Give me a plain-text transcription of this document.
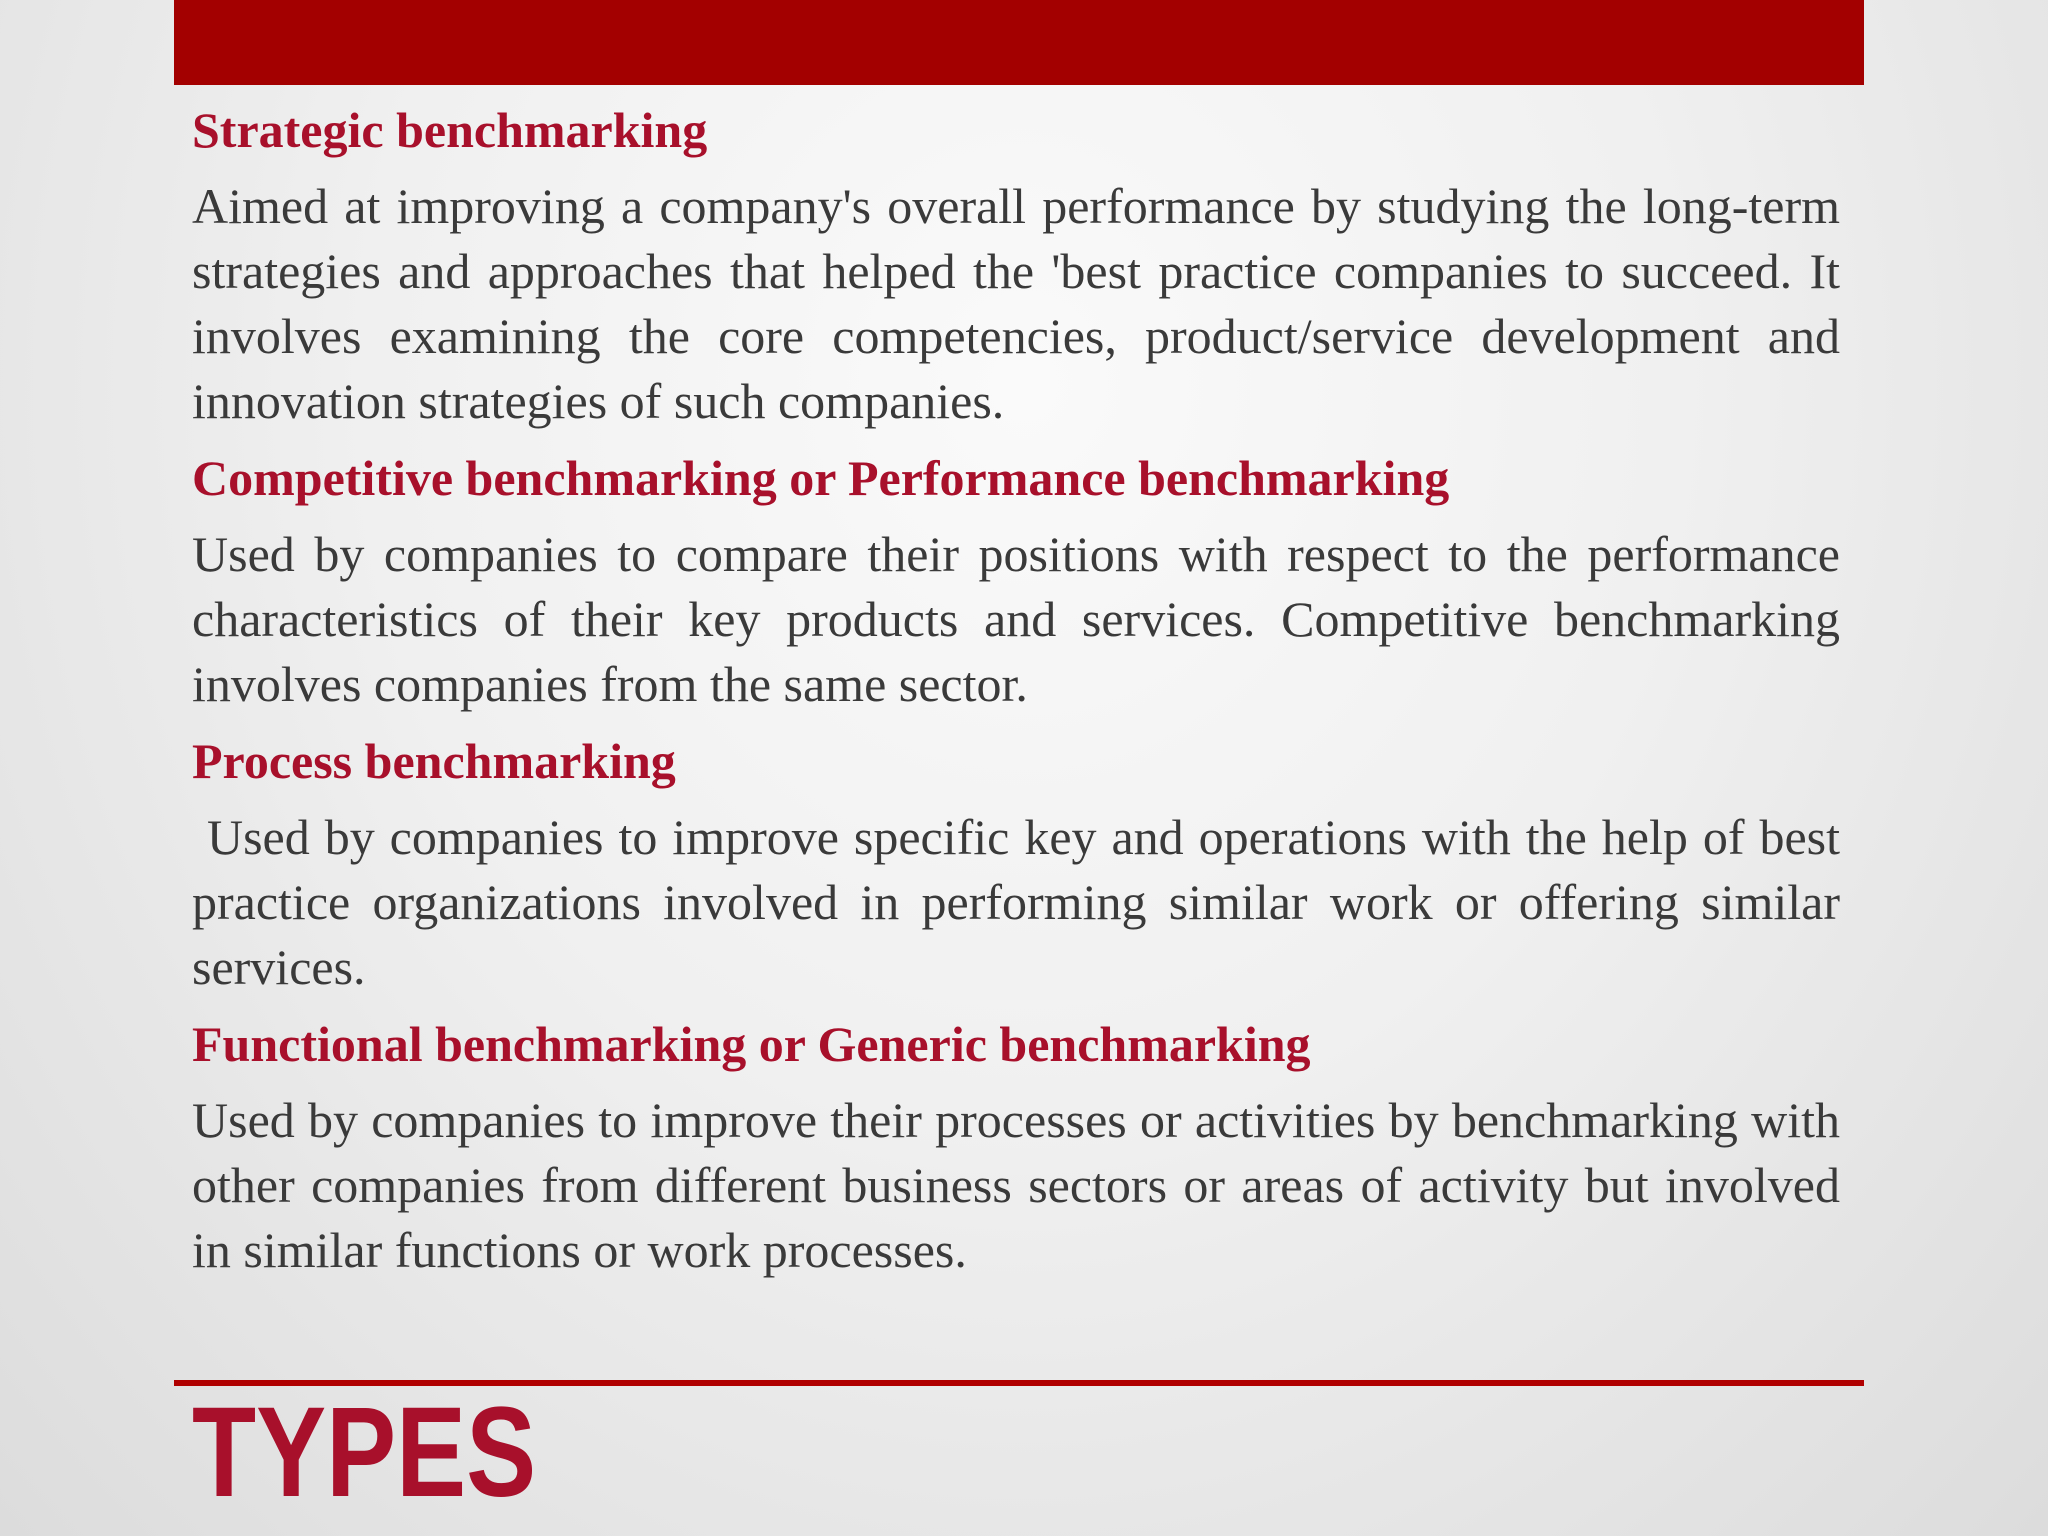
Strategic benchmarking

Aimed at improving a company's overall performance by studying the long-term strategies and approaches that helped the 'best practice companies to succeed. It involves examining the core competencies, product/service development and innovation strategies of such companies.

Competitive benchmarking or Performance benchmarking

Used by companies to compare their positions with respect to the performance characteristics of their key products and services. Competitive benchmarking involves companies from the same sector.

Process benchmarking

Used by companies to improve specific key and operations with the help of best practice organizations involved in performing similar work or offering similar services.

Functional benchmarking or Generic benchmarking

Used by companies to improve their processes or activities by benchmarking with other companies from different business sectors or areas of activity but involved in similar functions or work processes.

TYPES
